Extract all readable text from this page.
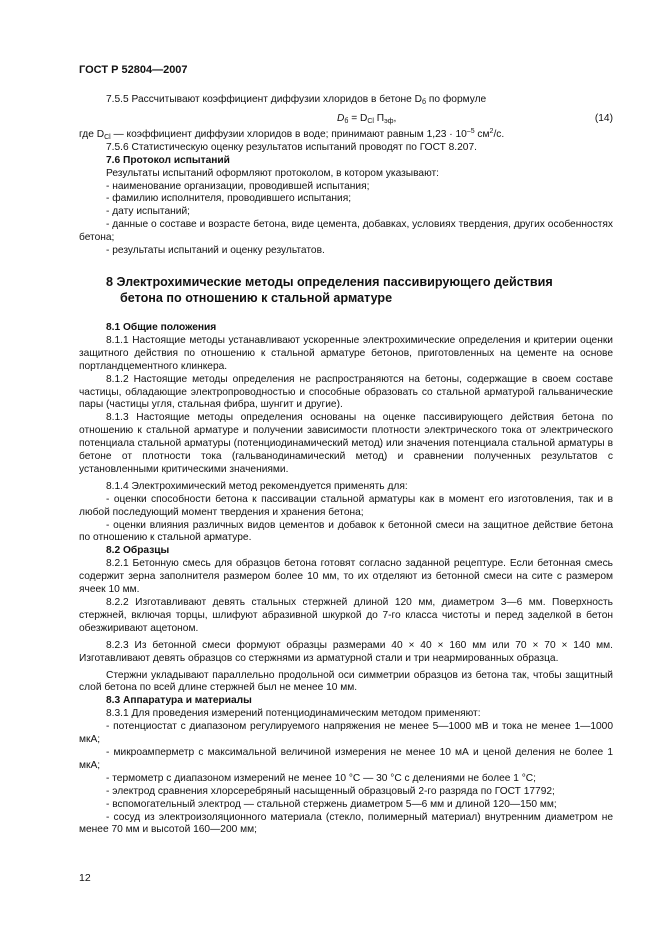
ГОСТ Р 52804—2007

7.5.5 Рассчитывают коэффициент диффузии хлоридов в бетоне $D_б$ по формуле

$D_б = D_{Cl}$ $П_{эф}$,	(14)

где $D_{Cl}$ — коэффициент диффузии хлоридов в воде; принимают равным $1,23 \cdot 10^{-5}$ $см^2/с$.

7.5.6 Статистическую оценку результатов испытаний проводят по ГОСТ 8.207.

7.6 Протокол испытаний

Результаты испытаний оформляют протоколом, в котором указывают:

- наименование организации, проводившей испытания;

- фамилию исполнителя, проводившего испытания;

- дату испытаний;

- данные о составе и возрасте бетона, виде цемента, добавках, условиях твердения, других особенностях бетона;

- результаты испытаний и оценку результатов.

8 Электрохимические методы определения пассивирующего действия
бетона по отношению к стальной арматуре

8.1 Общие положения

8.1.1 Настоящие методы устанавливают ускоренные электрохимические определения и критерии оценки защитного действия по отношению к стальной арматуре бетонов, приготовленных на цементе на основе портландцементного клинкера.

8.1.2 Настоящие методы определения не распространяются на бетоны, содержащие в своем составе частицы, обладающие электропроводностью и способные образовать со стальной арматурой гальванические пары (частицы угля, стальная фибра, шунгит и другие).

8.1.3 Настоящие методы определения основаны на оценке пассивирующего действия бетона по отношению к стальной арматуре и получении зависимости плотности электрического тока от электрического потенциала стальной арматуры (потенциодинамический метод) или значения потенциала стальной арматуры в бетоне от плотности тока (гальванодинамический метод) и сравнении полученных результатов с установленными критическими значениями.

8.1.4 Электрохимический метод рекомендуется применять для:

- оценки способности бетона к пассивации стальной арматуры как в момент его изготовления, так и в любой последующий момент твердения и хранения бетона;

- оценки влияния различных видов цементов и добавок к бетонной смеси на защитное действие бетона по отношению к стальной арматуре.

8.2 Образцы

8.2.1 Бетонную смесь для образцов бетона готовят согласно заданной рецептуре. Если бетонная смесь содержит зерна заполнителя размером более 10 мм, то их отделяют из бетонной смеси на сите с размером ячеек 10 мм.

8.2.2 Изготавливают девять стальных стержней длиной 120 мм, диаметром 3—6 мм. Поверхность стержней, включая торцы, шлифуют абразивной шкуркой до 7-го класса чистоты и перед заделкой в бетон обезжиривают ацетоном.

8.2.3 Из бетонной смеси формуют образцы размерами 40 × 40 × 160 мм или 70 × 70 × 140 мм. Изготавливают девять образцов со стержнями из арматурной стали и три неармированных образца.

Стержни укладывают параллельно продольной оси симметрии образцов из бетона так, чтобы защитный слой бетона по всей длине стержней был не менее 10 мм.

8.3 Аппаратура и материалы

8.3.1 Для проведения измерений потенциодинамическим методом применяют:

- потенциостат с диапазоном регулируемого напряжения не менее 5—1000 мВ и тока не менее 1—1000 мкА;

- микроамперметр с максимальной величиной измерения не менее 10 мА и ценой деления не более 1 мкА;

- термометр с диапазоном измерений не менее 10 °С — 30 °С с делениями не более 1 °С;

- электрод сравнения хлорсеребряный насыщенный образцовый 2-го разряда по ГОСТ 17792;

- вспомогательный электрод — стальной стержень диаметром 5—6 мм и длиной 120—150 мм;

- сосуд из электроизоляционного материала (стекло, полимерный материал) внутренним диаметром не менее 70 мм и высотой 160—200 мм;

12
